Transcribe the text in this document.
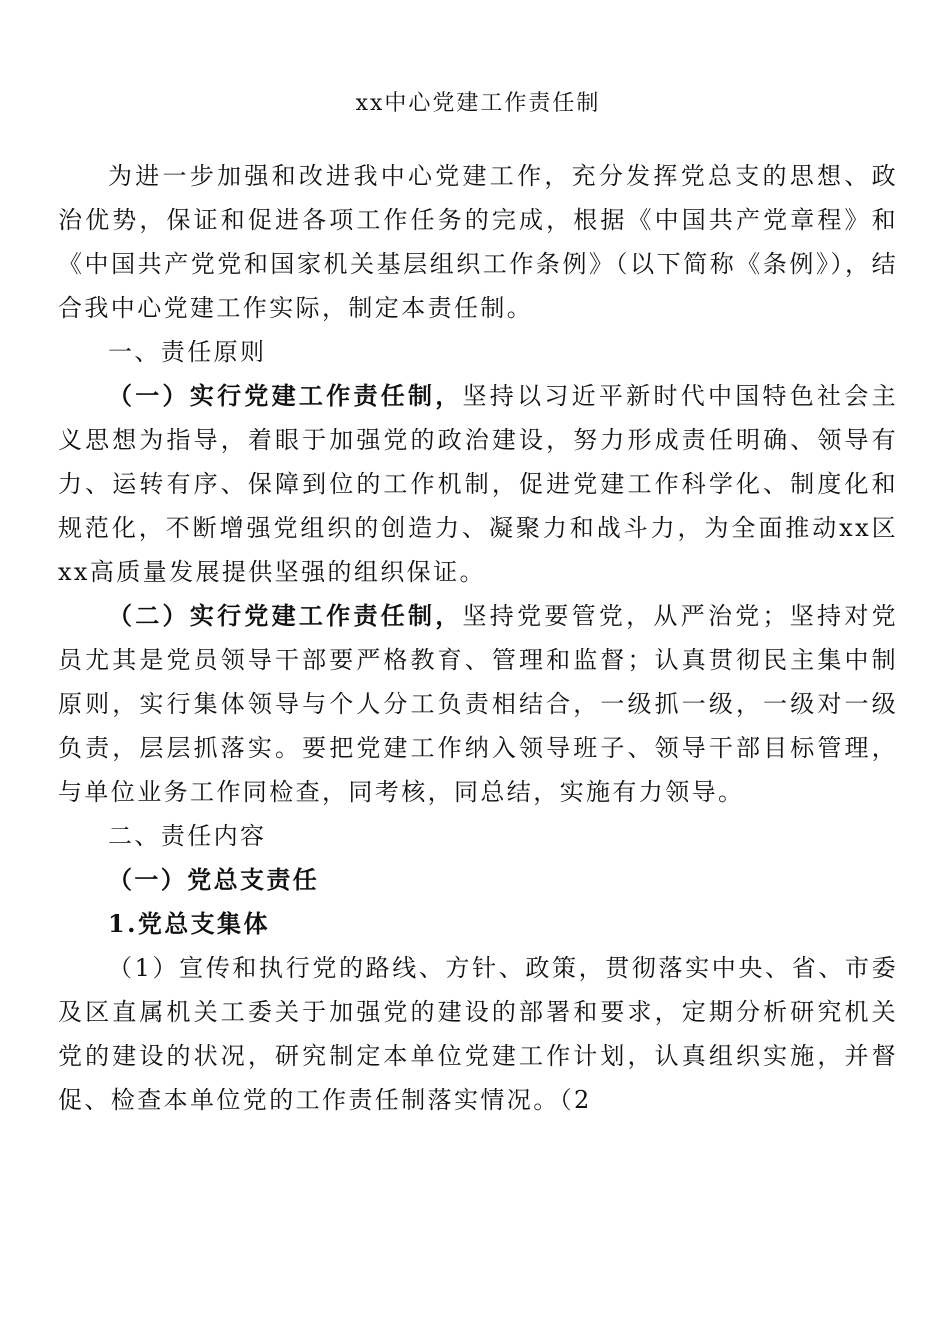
xx中心党建工作责任制

为进一步加强和改进我中心党建工作，充分发挥党总支的思想、政治优势，保证和促进各项工作任务的完成，根据《中国共产党章程》和《中国共产党党和国家机关基层组织工作条例》（以下简称《条例》），结合我中心党建工作实际，制定本责任制。

一、责任原则

（一）实行党建工作责任制，坚持以习近平新时代中国特色社会主义思想为指导，着眼于加强党的政治建设，努力形成责任明确、领导有力、运转有序、保障到位的工作机制，促进党建工作科学化、制度化和规范化，不断增强党组织的创造力、凝聚力和战斗力，为全面推动xx区xx高质量发展提供坚强的组织保证。

（二）实行党建工作责任制，坚持党要管党，从严治党；坚持对党员尤其是党员领导干部要严格教育、管理和监督；认真贯彻民主集中制原则，实行集体领导与个人分工负责相结合，一级抓一级，一级对一级负责，层层抓落实。要把党建工作纳入领导班子、领导干部目标管理，与单位业务工作同检查，同考核，同总结，实施有力领导。

二、责任内容

（一）党总支责任

1.党总支集体

（1）宣传和执行党的路线、方针、政策，贯彻落实中央、省、市委及区直属机关工委关于加强党的建设的部署和要求，定期分析研究机关党的建设的状况，研究制定本单位党建工作计划，认真组织实施，并督促、检查本单位党的工作责任制落实情况。（2
